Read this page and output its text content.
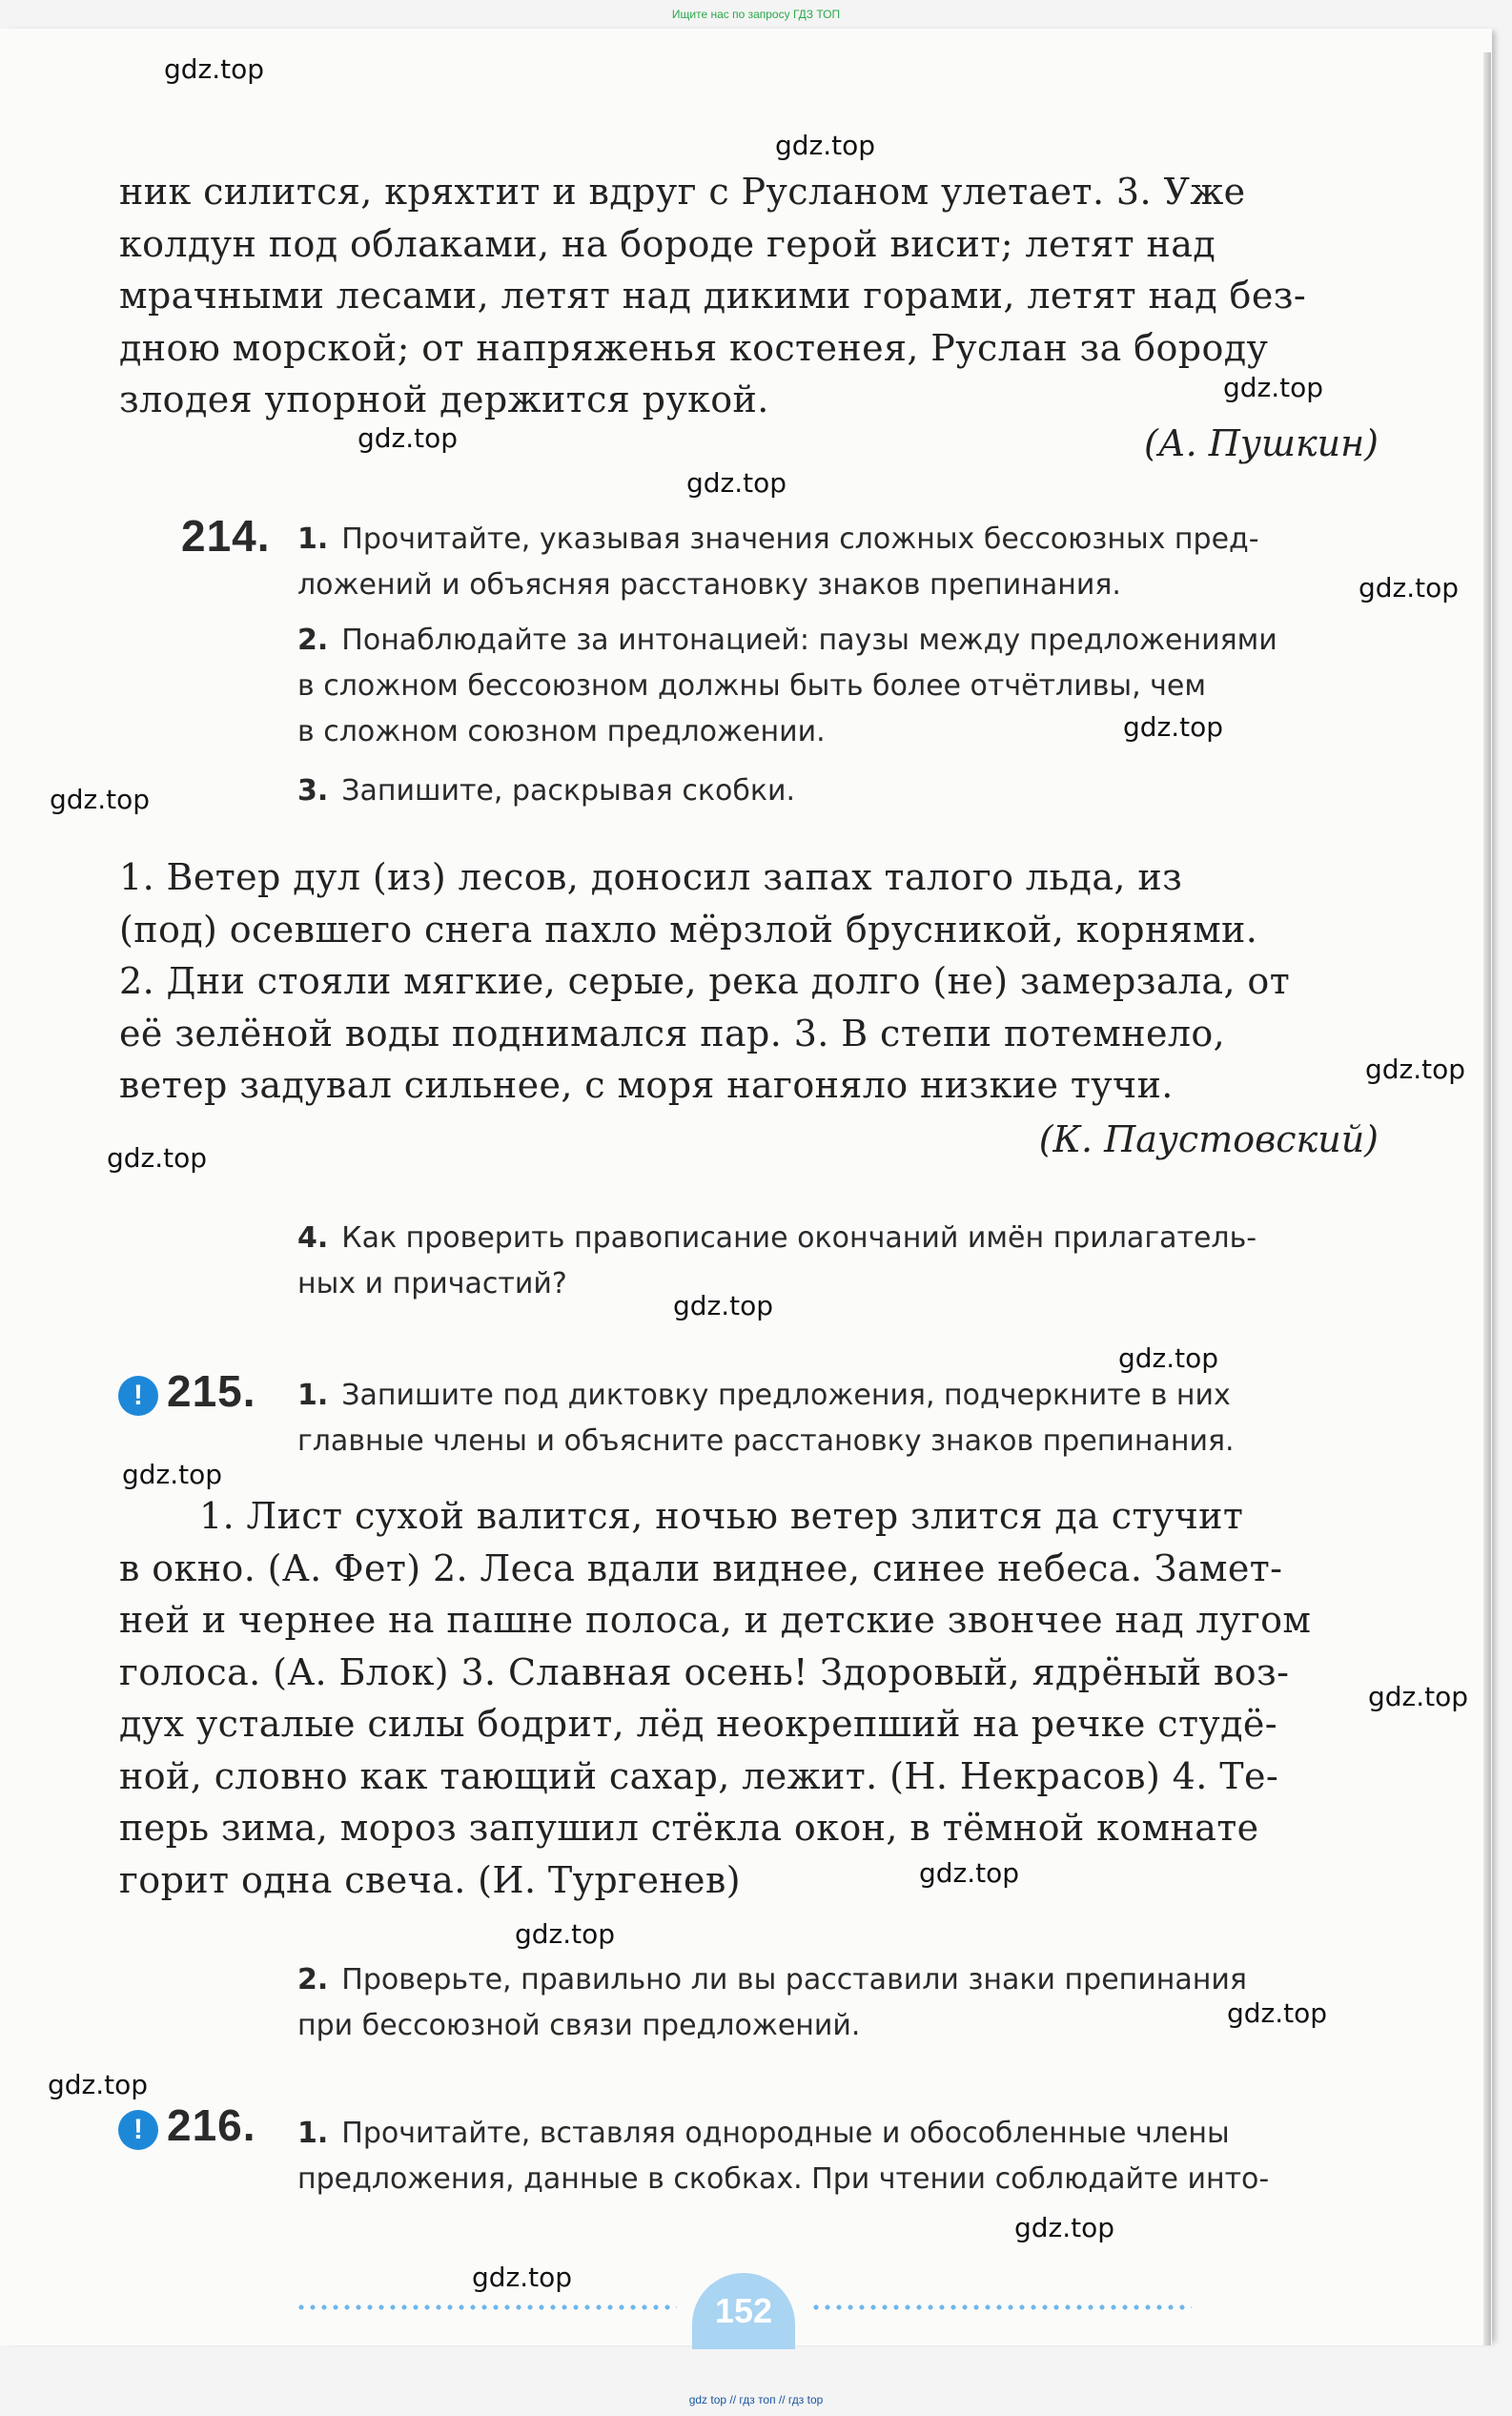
Ищите нас по запросу ГДЗ ТОП
ник силится, кряхтит и вдруг с Русланом улетает. 3. Уже
колдун под облаками, на бороде герой висит; летят над
мрачными лесами, летят над дикими горами, летят над без-
дною морской; от напряженья костенея, Руслан за бороду
злодея упорной держится рукой.
(А. Пушкин)
214. 1. Прочитайте, указывая значения сложных бессоюзных пред-
ложений и объясняя расстановку знаков препинания.
2. Понаблюдайте за интонацией: паузы между предложениями
в сложном бессоюзном должны быть более отчётливы, чем
в сложном союзном предложении.
3. Запишите, раскрывая скобки.
1. Ветер дул (из) лесов, доносил запах талого льда, из
(под) осевшего снега пахло мёрзлой брусникой, корнями.
2. Дни стояли мягкие, серые, река долго (не) замерзала, от
её зелёной воды поднимался пар. 3. В степи потемнело,
ветер задувал сильнее, с моря нагоняло низкие тучи.
(К. Паустовский)
4. Как проверить правописание окончаний имён прилагатель-
ных и причастий?
! 215. 1. Запишите под диктовку предложения, подчеркните в них
главные члены и объясните расстановку знаков препинания.
1. Лист сухой валится, ночью ветер злится да стучит
в окно. (А. Фет) 2. Леса вдали виднее, синее небеса. Замет-
ней и чернее на пашне полоса, и детские звончее над лугом
голоса. (А. Блок) 3. Славная осень! Здоровый, ядрёный воз-
дух усталые силы бодрит, лёд неокрепший на речке студё-
ной, словно как тающий сахар, лежит. (Н. Некрасов) 4. Те-
перь зима, мороз запушил стёкла окон, в тёмной комнате
горит одна свеча. (И. Тургенев)
2. Проверьте, правильно ли вы расставили знаки препинания
при бессоюзной связи предложений.
! 216. 1. Прочитайте, вставляя однородные и обособленные члены
предложения, данные в скобках. При чтении соблюдайте инто-
152
gdz.top
gdz.top
gdz.top
gdz.top
gdz.top
gdz.top
gdz.top
gdz.top
gdz.top
gdz.top
gdz.top
gdz.top
gdz.top
gdz.top
gdz.top
gdz.top
gdz.top
gdz.top
gdz.top
gdz.top
gdz top // гдз топ // гдз top
